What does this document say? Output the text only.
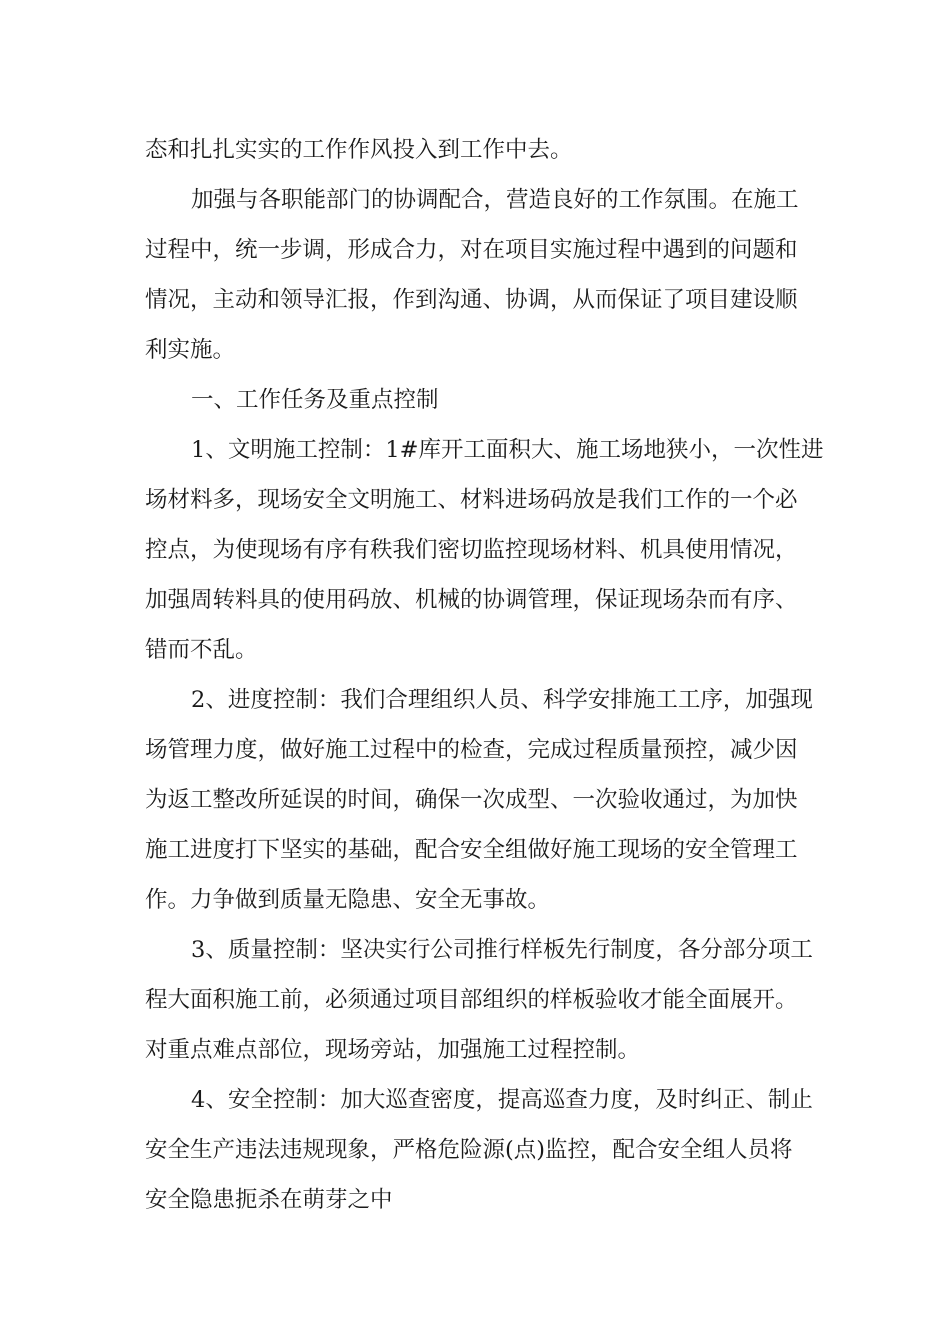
态和扎扎实实的工作作风投入到工作中去。

加强与各职能部门的协调配合，营造良好的工作氛围。在施工

过程中，统一步调，形成合力，对在项目实施过程中遇到的问题和

情况，主动和领导汇报，作到沟通、协调，从而保证了项目建设顺

利实施。

一、工作任务及重点控制

1、文明施工控制：1#库开工面积大、施工场地狭小，一次性进

场材料多，现场安全文明施工、材料进场码放是我们工作的一个必

控点，为使现场有序有秩我们密切监控现场材料、机具使用情况，

加强周转料具的使用码放、机械的协调管理，保证现场杂而有序、

错而不乱。

2、进度控制：我们合理组织人员、科学安排施工工序，加强现

场管理力度，做好施工过程中的检查，完成过程质量预控，减少因

为返工整改所延误的时间，确保一次成型、一次验收通过，为加快

施工进度打下坚实的基础，配合安全组做好施工现场的安全管理工

作。力争做到质量无隐患、安全无事故。

3、质量控制：坚决实行公司推行样板先行制度，各分部分项工

程大面积施工前，必须通过项目部组织的样板验收才能全面展开。

对重点难点部位，现场旁站，加强施工过程控制。

4、安全控制：加大巡查密度，提高巡查力度，及时纠正、制止

安全生产违法违规现象，严格危险源(点)监控，配合安全组人员将

安全隐患扼杀在萌芽之中
